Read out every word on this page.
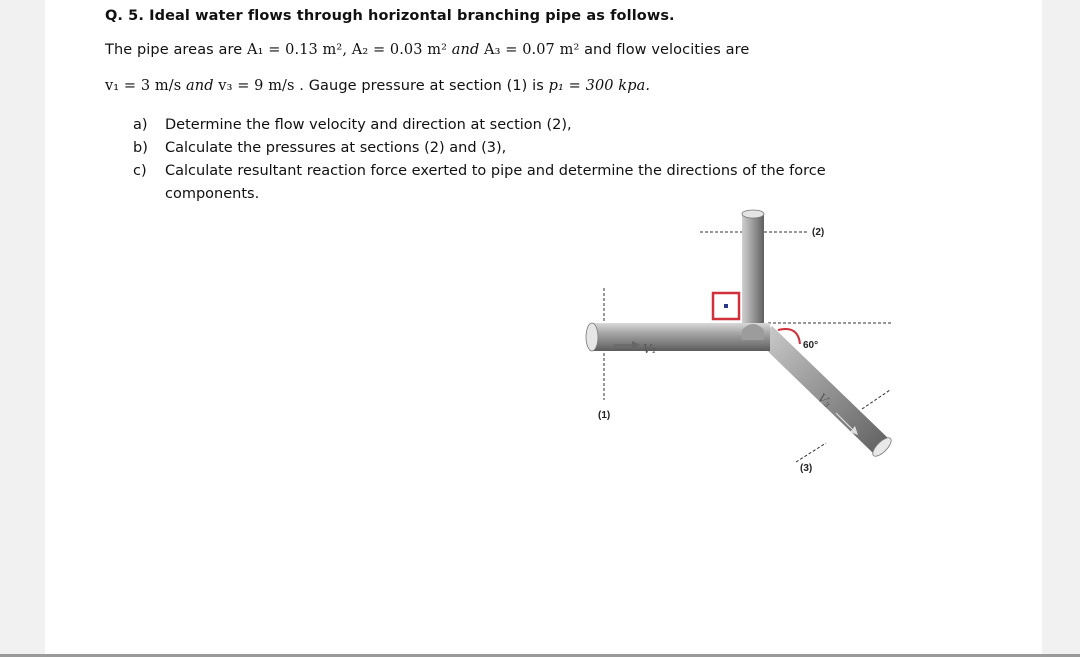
Q. 5. Ideal water flows through horizontal branching pipe as follows.
The pipe areas are A₁ = 0.13 m², A₂ = 0.03 m² and A₃ = 0.07 m² and flow velocities are
v₁ = 3 m/s and v₃ = 9 m/s . Gauge pressure at section (1) is p₁ = 300 kpa.
a) Determine the flow velocity and direction at section (2),
b) Calculate the pressures at sections (2) and (3),
c) Calculate resultant reaction force exerted to pipe and determine the directions of the force components.
(2)
(1)
(3)
60°
V₁
V₃
